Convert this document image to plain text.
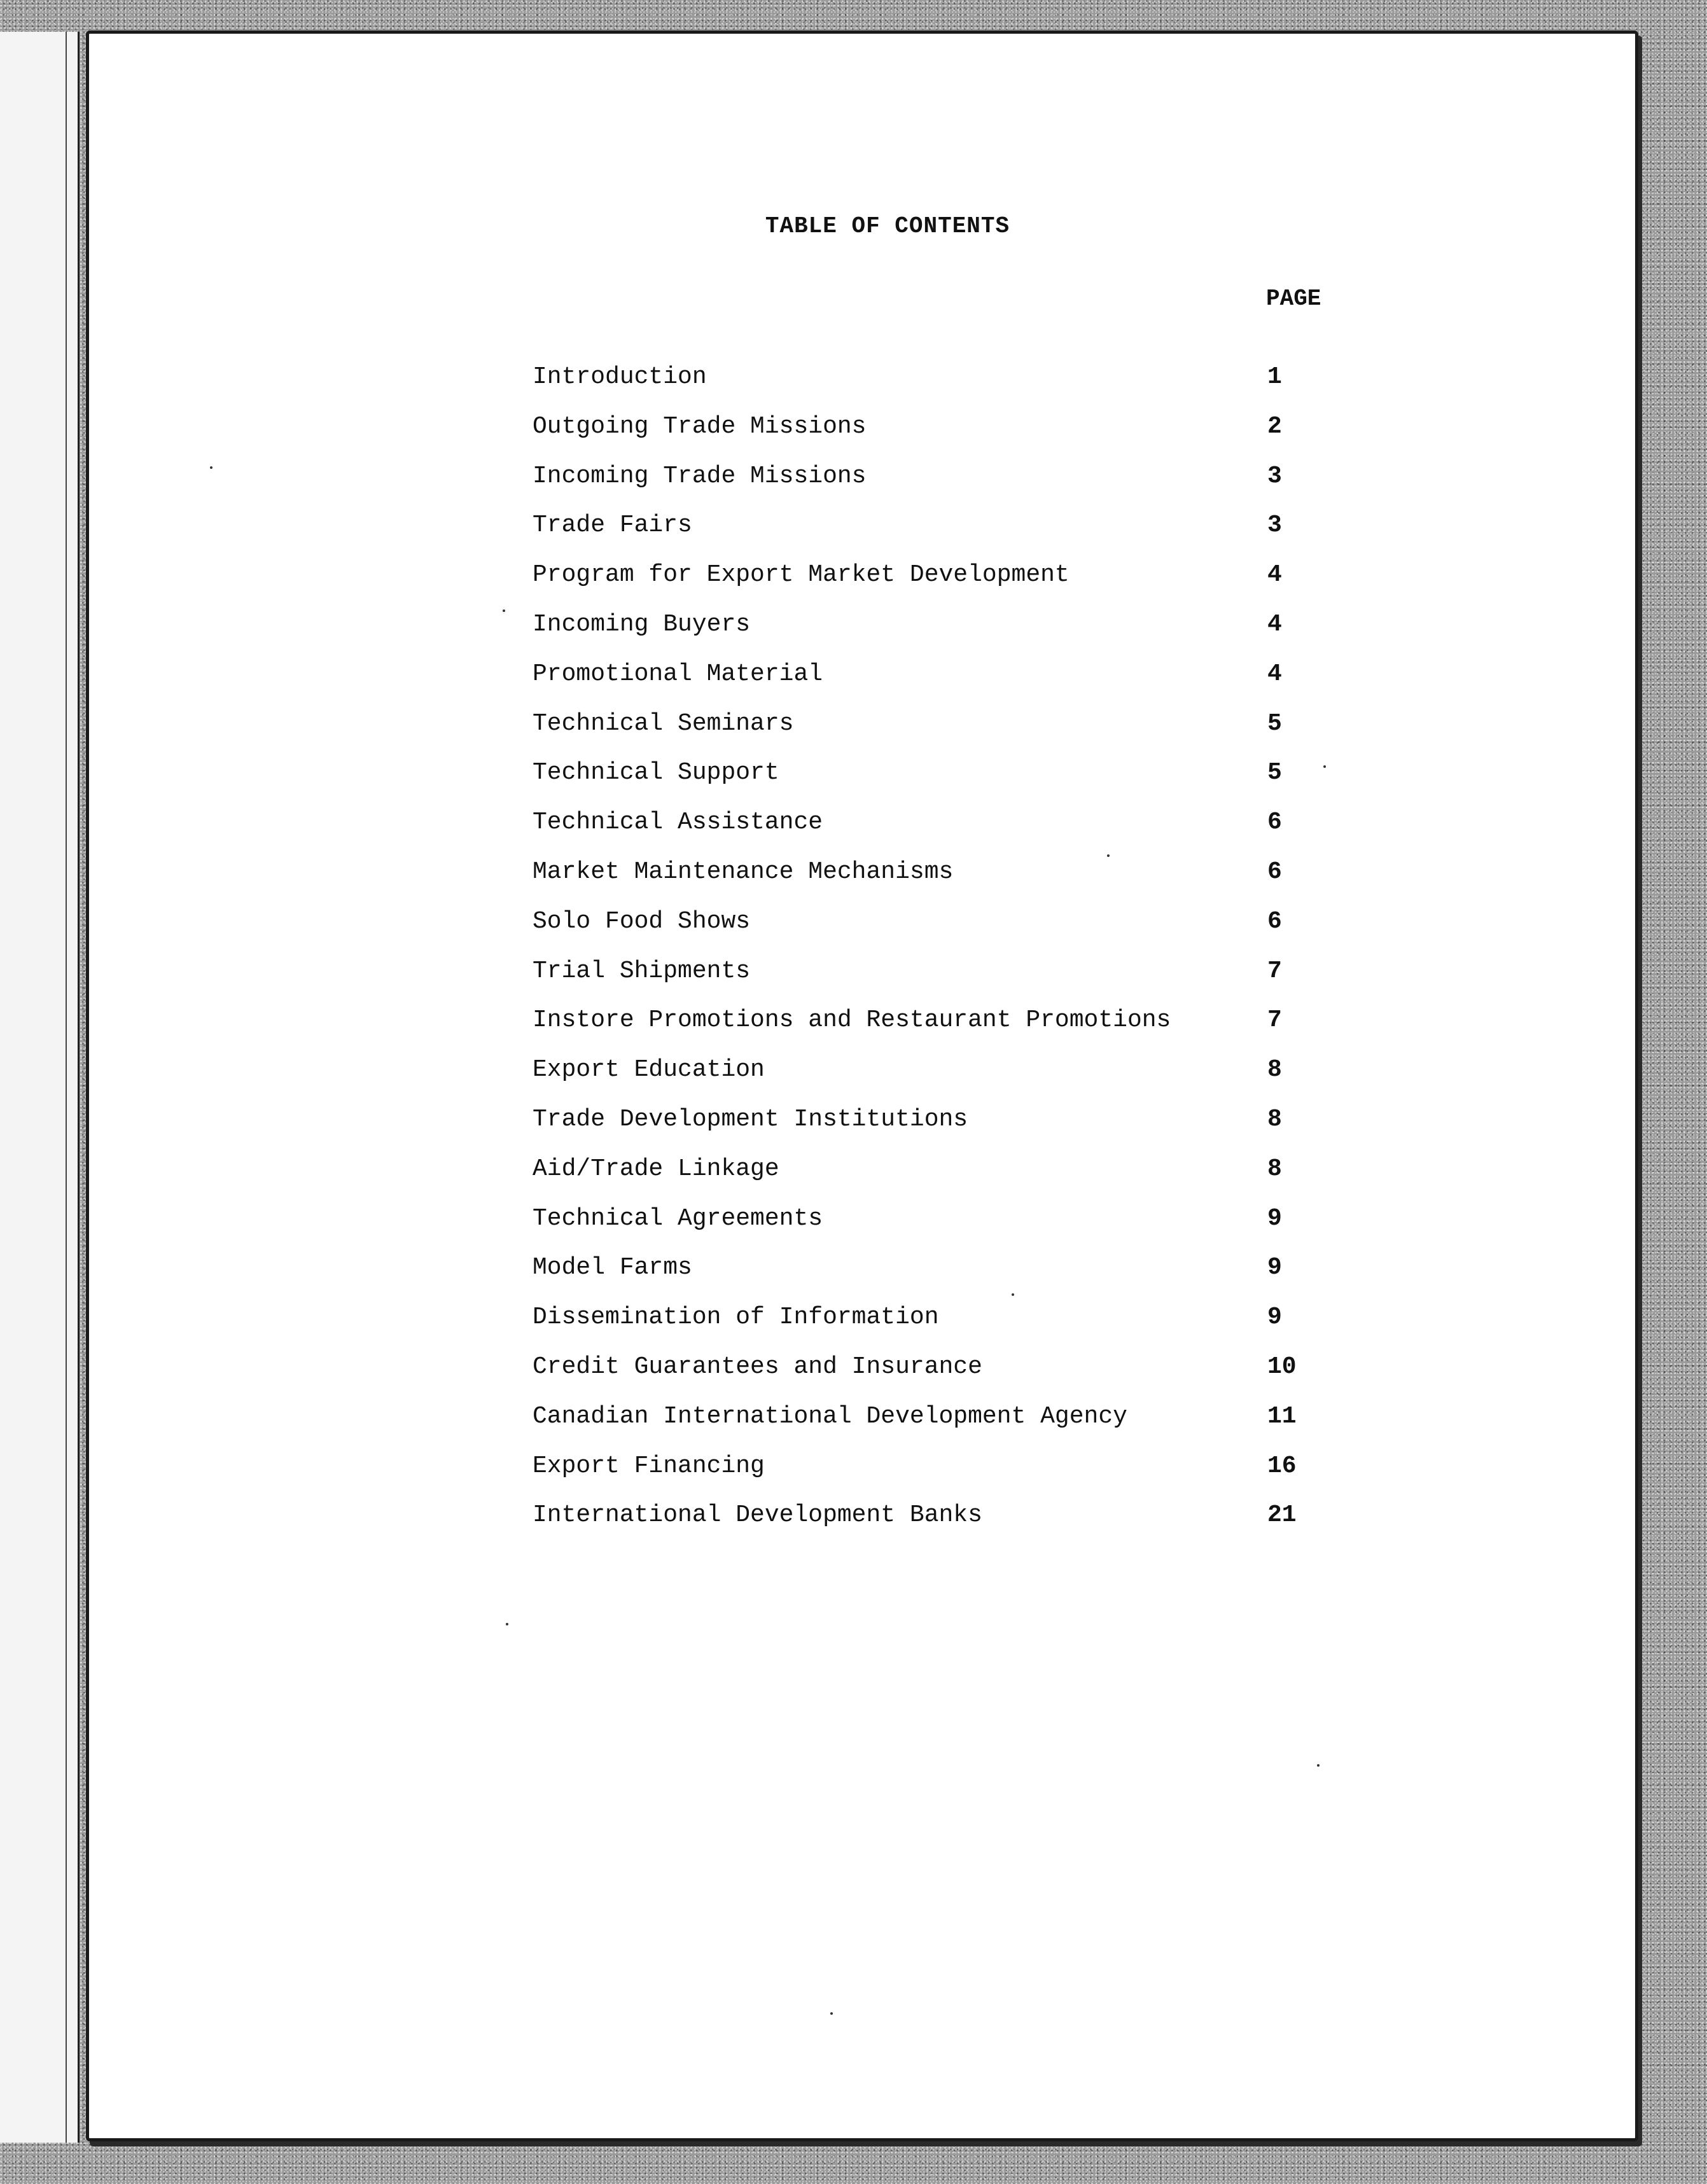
TABLE OF CONTENTS
PAGE
Introduction	1
Outgoing Trade Missions	2
Incoming Trade Missions	3
Trade Fairs	3
Program for Export Market Development	4
Incoming Buyers	4
Promotional Material	4
Technical Seminars	5
Technical Support	5
Technical Assistance	6
Market Maintenance Mechanisms	6
Solo Food Shows	6
Trial Shipments	7
Instore Promotions and Restaurant Promotions	7
Export Education	8
Trade Development Institutions	8
Aid/Trade Linkage	8
Technical Agreements	9
Model Farms	9
Dissemination of Information	9
Credit Guarantees and Insurance	10
Canadian International Development Agency	11
Export Financing	16
International Development Banks	21
